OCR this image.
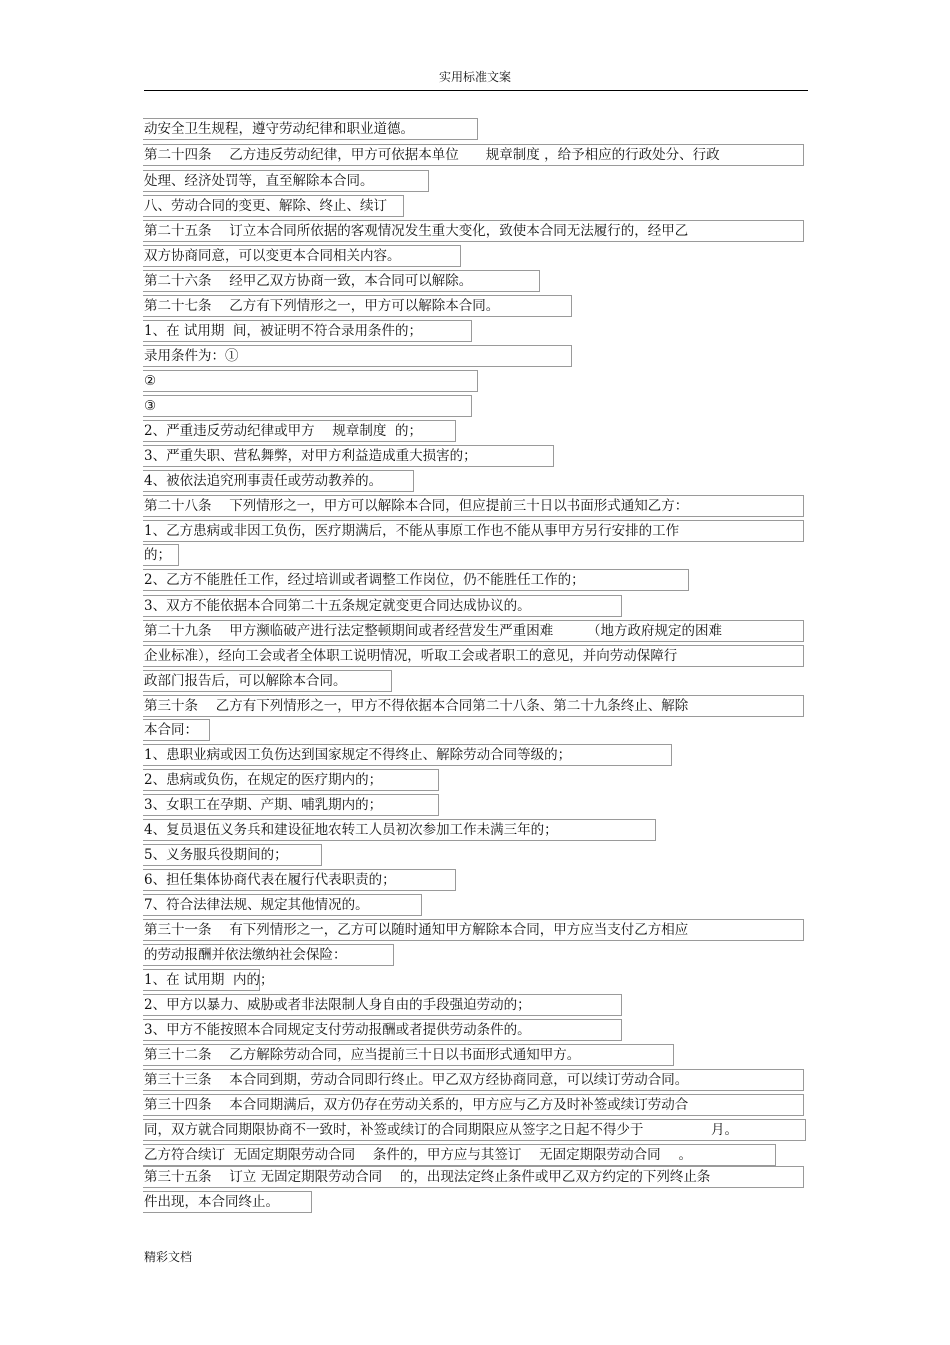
实用标准文案
动安全卫生规程，遵守劳动纪律和职业道德。
第二十四条　 乙方违反劳动纪律，甲方可依据本单位　　规章制度 ，给予相应的行政处分、行政
处理、经济处罚等，直至解除本合同。
八、劳动合同的变更、解除、终止、续订
第二十五条　 订立本合同所依据的客观情况发生重大变化，致使本合同无法履行的，经甲乙
双方协商同意，可以变更本合同相关内容。
第二十六条　 经甲乙双方协商一致，本合同可以解除。
第二十七条　 乙方有下列情形之一，甲方可以解除本合同。
1、在 试用期  间，被证明不符合录用条件的；
录用条件为：①
②
③
2、严重违反劳动纪律或甲方　 规章制度  的；
3、严重失职、营私舞弊，对甲方利益造成重大损害的；
4、被依法追究刑事责任或劳动教养的。
第二十八条　 下列情形之一，甲方可以解除本合同，但应提前三十日以书面形式通知乙方：
1、乙方患病或非因工负伤，医疗期满后，不能从事原工作也不能从事甲方另行安排的工作
的；
2、乙方不能胜任工作，经过培训或者调整工作岗位，仍不能胜任工作的；
3、双方不能依据本合同第二十五条规定就变更合同达成协议的。
第二十九条　 甲方濒临破产进行法定整顿期间或者经营发生严重困难　　　（地方政府规定的困难
企业标准），经向工会或者全体职工说明情况，听取工会或者职工的意见，并向劳动保障行
政部门报告后，可以解除本合同。
第三十条　 乙方有下列情形之一，甲方不得依据本合同第二十八条、第二十九条终止、解除
本合同：
1、患职业病或因工负伤达到国家规定不得终止、解除劳动合同等级的；
2、患病或负伤，在规定的医疗期内的；
3、女职工在孕期、产期、哺乳期内的；
4、复员退伍义务兵和建设征地农转工人员初次参加工作未满三年的；
5、义务服兵役期间的；
6、担任集体协商代表在履行代表职责的；
7、符合法律法规、规定其他情况的。
第三十一条　 有下列情形之一，乙方可以随时通知甲方解除本合同，甲方应当支付乙方相应
的劳动报酬并依法缴纳社会保险：
1、在 试用期  内的；
2、甲方以暴力、威胁或者非法限制人身自由的手段强迫劳动的；
3、甲方不能按照本合同规定支付劳动报酬或者提供劳动条件的。
第三十二条　 乙方解除劳动合同，应当提前三十日以书面形式通知甲方。
第三十三条　 本合同到期，劳动合同即行终止。甲乙双方经协商同意，可以续订劳动合同。
第三十四条　 本合同期满后，双方仍存在劳动关系的，甲方应与乙方及时补签或续订劳动合
同，双方就合同期限协商不一致时，补签或续订的合同期限应从签字之日起不得少于　　　　　月。
乙方符合续订  无固定期限劳动合同　 条件的，甲方应与其签订　 无固定期限劳动合同　 。
第三十五条　 订立 无固定期限劳动合同　 的，出现法定终止条件或甲乙双方约定的下列终止条
件出现，本合同终止。
精彩文档
